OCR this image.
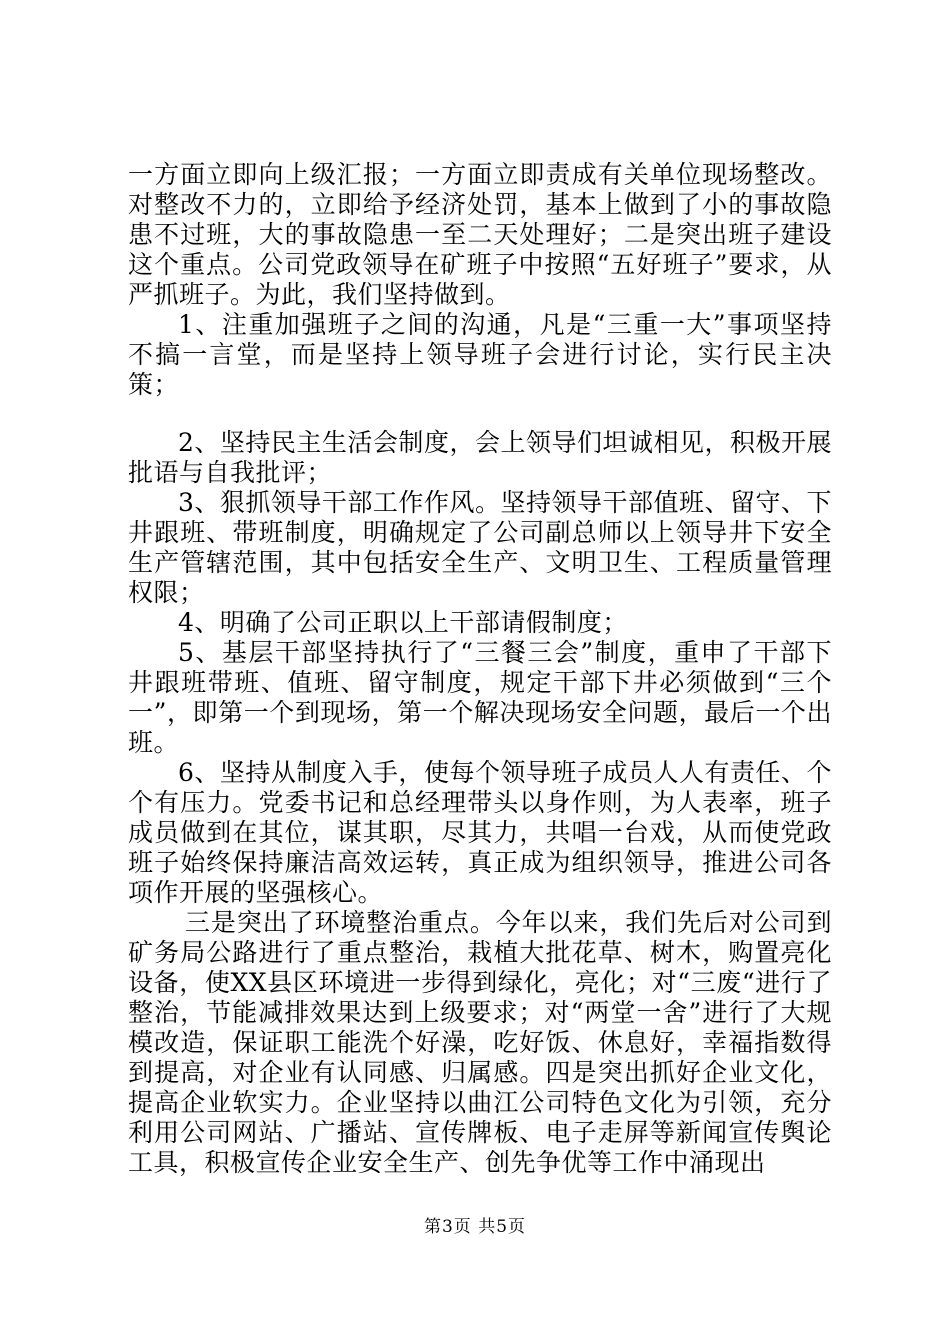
一方面立即向上级汇报；一方面立即责成有关单位现场整改。对整改不力的，立即给予经济处罚，基本上做到了小的事故隐患不过班，大的事故隐患一至二天处理好；二是突出班子建设这个重点。公司党政领导在矿班子中按照“五好班子”要求，从严抓班子。为此，我们坚持做到。

1、注重加强班子之间的沟通，凡是“三重一大”事项坚持不搞一言堂，而是坚持上领导班子会进行讨论，实行民主决策；

2、坚持民主生活会制度，会上领导们坦诚相见，积极开展批语与自我批评；

3、狠抓领导干部工作作风。坚持领导干部值班、留守、下井跟班、带班制度，明确规定了公司副总师以上领导井下安全生产管辖范围，其中包括安全生产、文明卫生、工程质量管理权限；

4、明确了公司正职以上干部请假制度；

5、基层干部坚持执行了“三餐三会”制度，重申了干部下井跟班带班、值班、留守制度，规定干部下井必须做到“三个一”，即第一个到现场，第一个解决现场安全问题，最后一个出班。

6、坚持从制度入手，使每个领导班子成员人人有责任、个个有压力。党委书记和总经理带头以身作则，为人表率，班子成员做到在其位，谋其职，尽其力，共唱一台戏，从而使党政班子始终保持廉洁高效运转，真正成为组织领导，推进公司各项作开展的坚强核心。

三是突出了环境整治重点。今年以来，我们先后对公司到矿务局公路进行了重点整治，栽植大批花草、树木，购置亮化设备，使XX县区环境进一步得到绿化，亮化；对“三废“进行了整治，节能减排效果达到上级要求；对“两堂一舍”进行了大规模改造，保证职工能洗个好澡，吃好饭、休息好，幸福指数得到提高，对企业有认同感、归属感。四是突出抓好企业文化，提高企业软实力。企业坚持以曲江公司特色文化为引领，充分利用公司网站、广播站、宣传牌板、电子走屏等新闻宣传舆论工具，积极宣传企业安全生产、创先争优等工作中涌现出

第3页 共5页
